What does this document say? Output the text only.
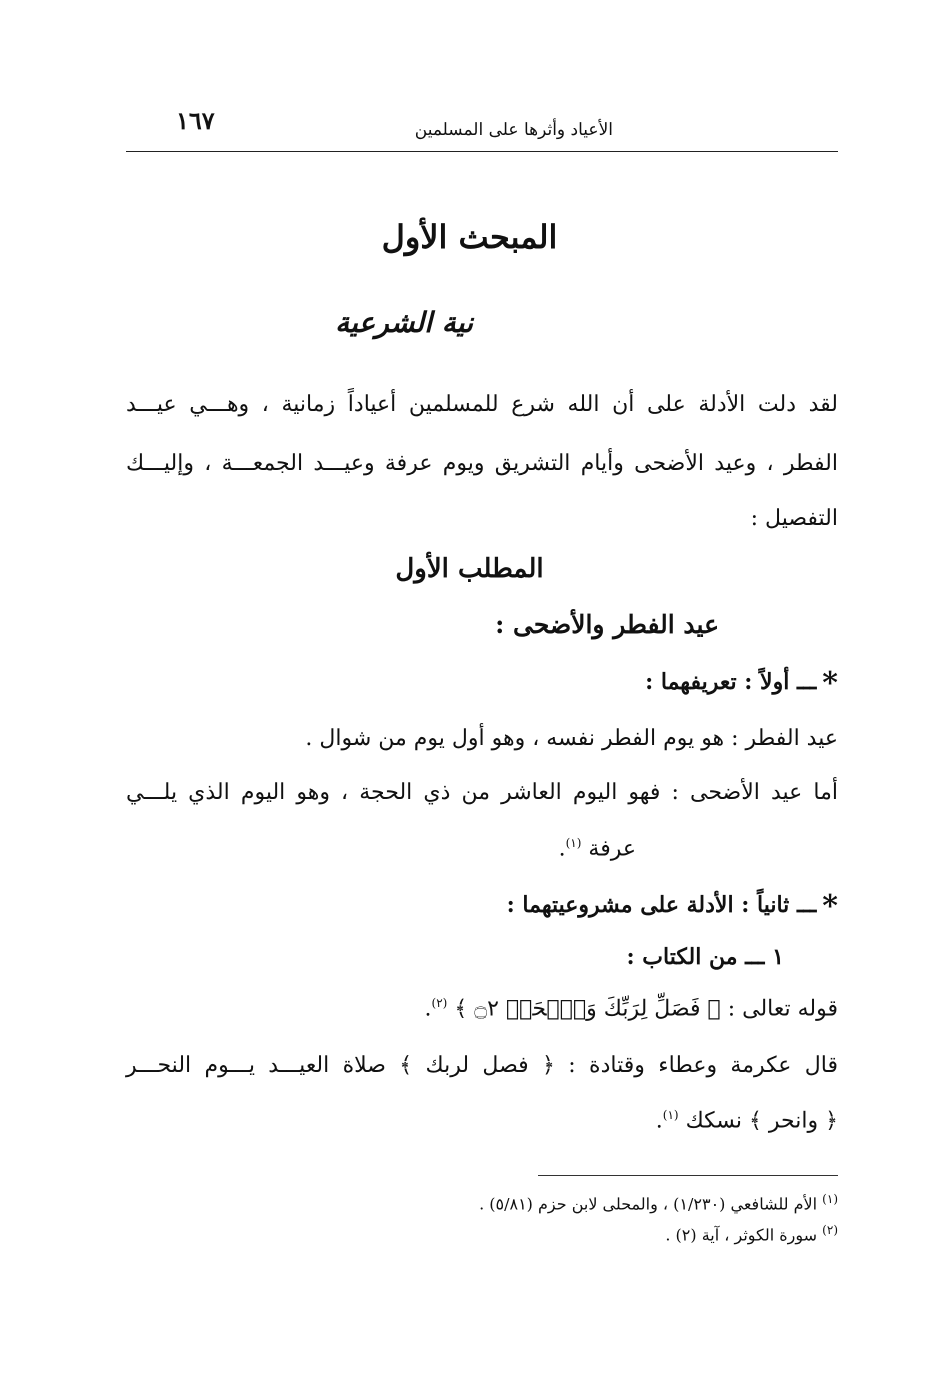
١٦٧	الأعياد وأثرها على المسلمين
المبحث الأول
نية الشرعية
لقد دلت الأدلة على أن الله شرع للمسلمين أعياداً زمانية ، وهـــي عيـــد
الفطر ، وعيد الأضحى وأيام التشريق ويوم عرفة وعيـــد الجمعـــة ، وإليـــك
التفصيل :
المطلب الأول
عيد الفطر والأضحى :
*ـــ أولاً : تعريفهما :
عيد الفطر : هو يوم الفطر نفسه ، وهو أول يوم من شوال .
أما عيد الأضحى : فهو اليوم العاشر من ذي الحجة ، وهو اليوم الذي يلـــي
عرفة $^{(١)}$.
*ـــ ثانياً : الأدلة على مشروعيتهما :
١ ـــ من الكتاب :
قوله تعالى : ﴿ فَصَلِّ لِرَبِّكَ وَٱنۡحَرۡ ۝٢ ﴾ $^{(٢)}$.
قال عكرمة وعطاء وقتادة : ﴿ فصل لربك ﴾ صلاة العيـــد يـــوم النحـــر
﴿ وانحر ﴾ نسكك $^{(١)}$.
$^{(١)}$ الأم للشافعي (١/٢٣٠) ، والمحلى لابن حزم (٥/٨١) .
$^{(٢)}$ سورة الكوثر ، آية (٢) .
